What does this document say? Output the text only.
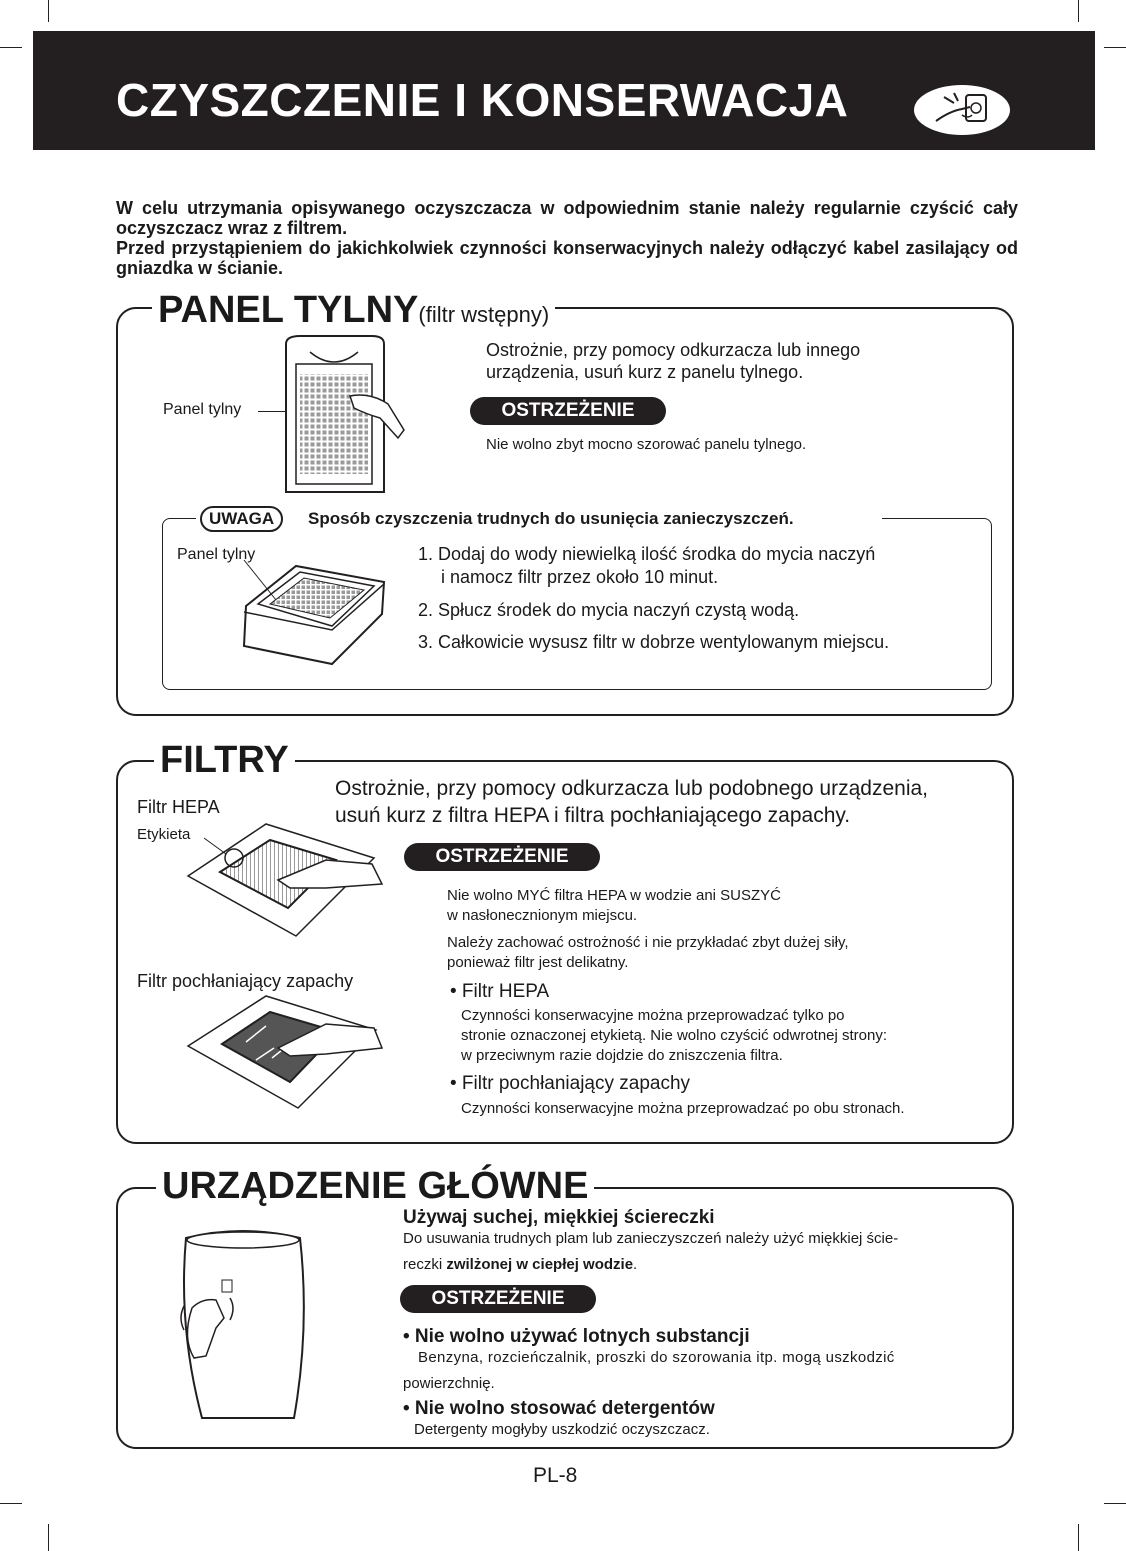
CZYSZCZENIE I KONSERWACJA
W celu utrzymania opisywanego oczyszczacza w odpowiednim stanie należy regularnie czyścić cały oczyszczacz wraz z filtrem.
Przed przystąpieniem do jakichkolwiek czynności konserwacyjnych należy odłączyć kabel zasilający od gniazdka w ścianie.
PANEL TYLNY(filtr wstępny)
Panel tylny
Ostrożnie, przy pomocy odkurzacza lub innego
urządzenia, usuń kurz z panelu tylnego.
OSTRZEŻENIE
Nie wolno zbyt mocno szorować panelu tylnego.
UWAGA	Sposób czyszczenia trudnych do usunięcia zanieczyszczeń.
Panel tylny	1. Dodaj do wody niewielką ilość środka do mycia naczyń
i namocz filtr przez około 10 minut.
2. Spłucz środek do mycia naczyń czystą wodą.
3. Całkowicie wysusz filtr w dobrze wentylowanym miejscu.
FILTRY
Ostrożnie, przy pomocy odkurzacza lub podobnego urządzenia,
usuń kurz z filtra HEPA i filtra pochłaniającego zapachy.
Filtr HEPA
Etykieta
Filtr pochłaniający zapachy
OSTRZEŻENIE
Nie wolno MYĆ filtra HEPA w wodzie ani SUSZYĆ
w nasłonecznionym miejscu.
Należy zachować ostrożność i nie przykładać zbyt dużej siły,
ponieważ filtr jest delikatny.
• Filtr HEPA
Czynności konserwacyjne można przeprowadzać tylko po
stronie oznaczonej etykietą. Nie wolno czyścić odwrotnej strony:
w przeciwnym razie dojdzie do zniszczenia filtra.
• Filtr pochłaniający zapachy
Czynności konserwacyjne można przeprowadzać po obu stronach.
URZĄDZENIE GŁÓWNE
Używaj suchej, miękkiej ściereczki
Do usuwania trudnych plam lub zanieczyszczeń należy użyć miękkiej ście-
reczki zwilżonej w ciepłej wodzie.
OSTRZEŻENIE
• Nie wolno używać lotnych substancji
Benzyna, rozcieńczalnik, proszki do szorowania itp. mogą uszkodzić
powierzchnię.
• Nie wolno stosować detergentów
Detergenty mogłyby uszkodzić oczyszczacz.
PL-8
